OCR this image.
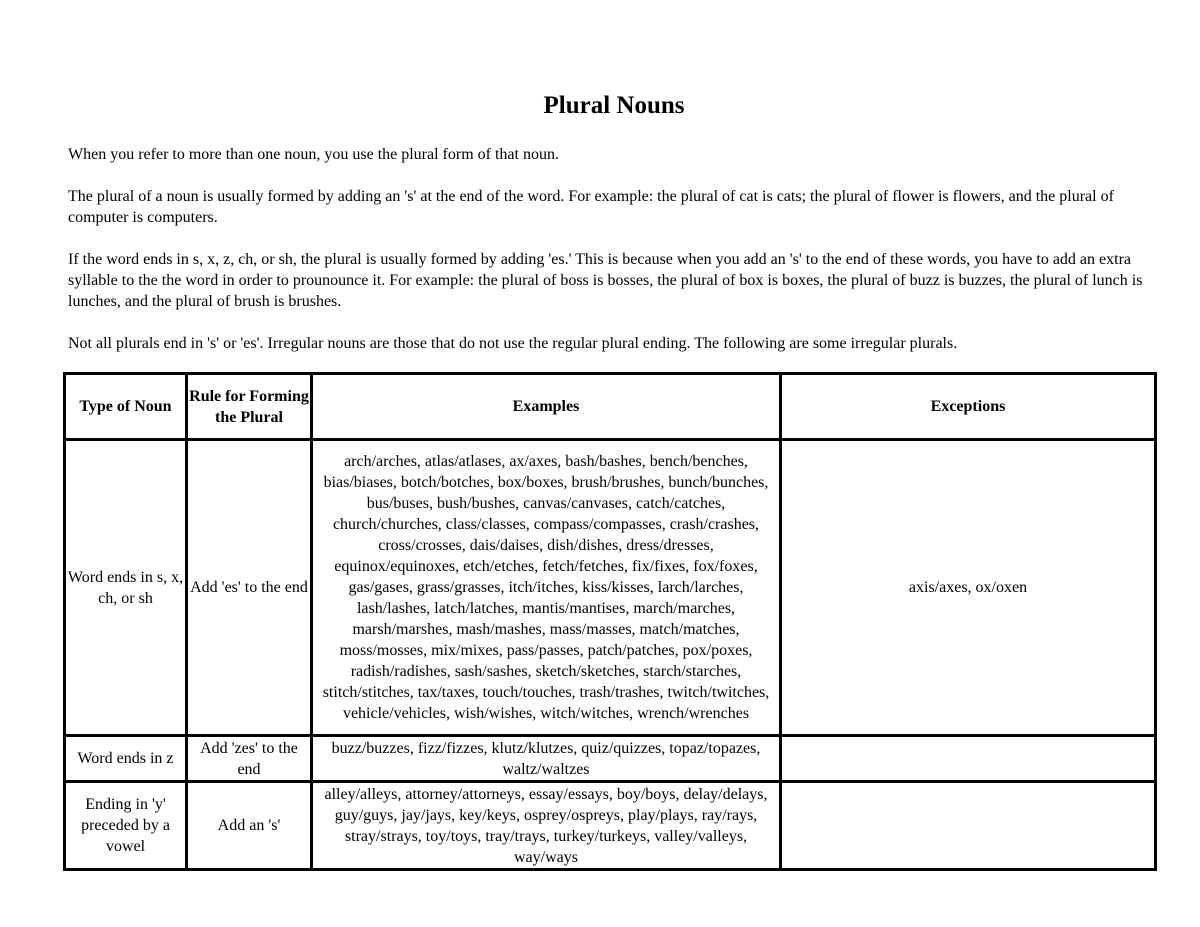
Plural Nouns

When you refer to more than one noun, you use the plural form of that noun.

The plural of a noun is usually formed by adding an 's' at the end of the word. For example: the plural of cat is cats; the plural of flower is flowers, and the plural of computer is computers.

If the word ends in s, x, z, ch, or sh, the plural is usually formed by adding 'es.' This is because when you add an 's' to the end of these words, you have to add an extra syllable to the the word in order to prounounce it. For example: the plural of boss is bosses, the plural of box is boxes, the plural of buzz is buzzes, the plural of lunch is lunches, and the plural of brush is brushes.

Not all plurals end in 's' or 'es'. Irregular nouns are those that do not use the regular plural ending. The following are some irregular plurals.

Type of Noun	Rule for Forming the Plural	Examples	Exceptions
Word ends in s, x, ch, or sh	Add 'es' to the end	arch/arches, atlas/atlases, ax/axes, bash/bashes, bench/benches, bias/biases, botch/botches, box/boxes, brush/brushes, bunch/bunches, bus/buses, bush/bushes, canvas/canvases, catch/catches, church/churches, class/classes, compass/compasses, crash/crashes, cross/crosses, dais/daises, dish/dishes, dress/dresses, equinox/equinoxes, etch/etches, fetch/fetches, fix/fixes, fox/foxes, gas/gases, grass/grasses, itch/itches, kiss/kisses, larch/larches, lash/lashes, latch/latches, mantis/mantises, march/marches, marsh/marshes, mash/mashes, mass/masses, match/matches, moss/mosses, mix/mixes, pass/passes, patch/patches, pox/poxes, radish/radishes, sash/sashes, sketch/sketches, starch/starches, stitch/stitches, tax/taxes, touch/touches, trash/trashes, twitch/twitches, vehicle/vehicles, wish/wishes, witch/witches, wrench/wrenches	axis/axes, ox/oxen
Word ends in z	Add 'zes' to the end	buzz/buzzes, fizz/fizzes, klutz/klutzes, quiz/quizzes, topaz/topazes, waltz/waltzes	
Ending in 'y' preceded by a vowel	Add an 's'	alley/alleys, attorney/attorneys, essay/essays, boy/boys, delay/delays, guy/guys, jay/jays, key/keys, osprey/ospreys, play/plays, ray/rays, stray/strays, toy/toys, tray/trays, turkey/turkeys, valley/valleys, way/ways	
